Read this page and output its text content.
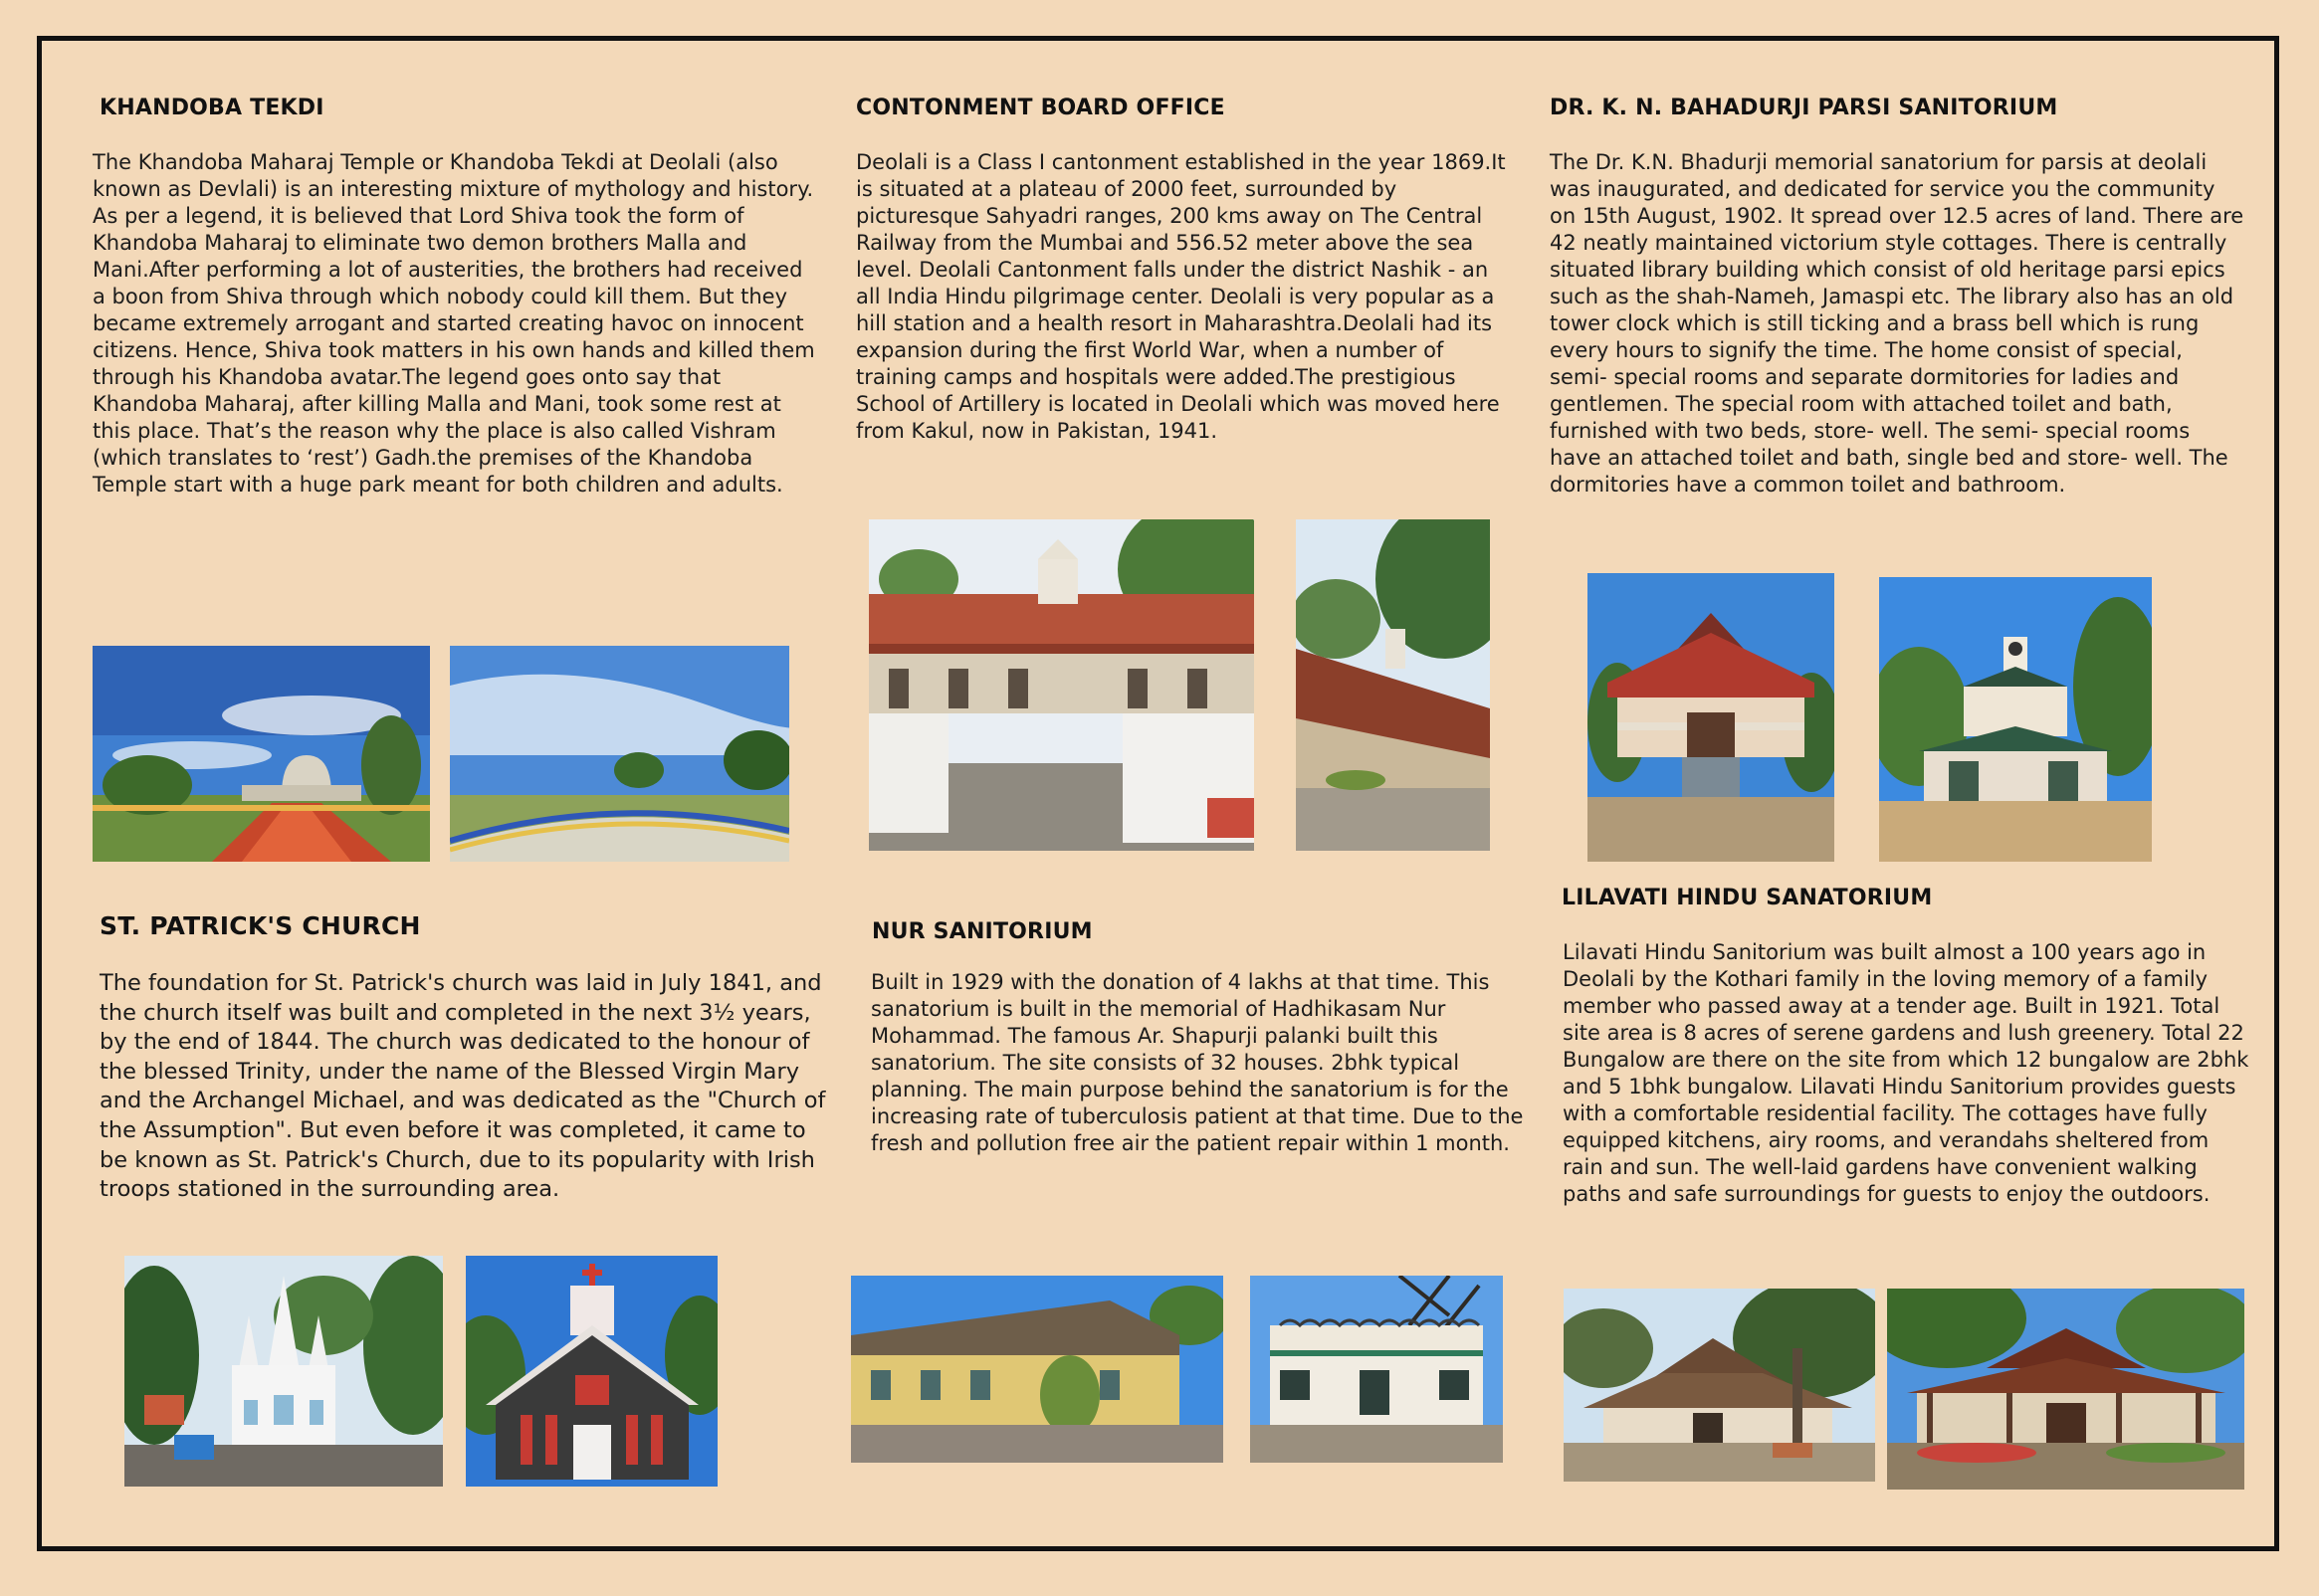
KHANDOBA TEKDI

The Khandoba Maharaj Temple or Khandoba Tekdi at Deolali (also known as Devlali) is an interesting mixture of mythology and history. As per a legend, it is believed that Lord Shiva took the form of Khandoba Maharaj to eliminate two demon brothers Malla and Mani.After performing a lot of austerities, the brothers had received a boon from Shiva through which nobody could kill them. But they became extremely arrogant and started creating havoc on innocent citizens. Hence, Shiva took matters in his own hands and killed them through his Khandoba avatar.The legend goes onto say that Khandoba Maharaj, after killing Malla and Mani, took some rest at this place. That’s the reason why the place is also called Vishram (which translates to ‘rest’) Gadh.the premises of the Khandoba Temple start with a huge park meant for both children and adults.

CONTONMENT BOARD OFFICE

Deolali is a Class I cantonment established in the year 1869.It is situated at a plateau of 2000 feet, surrounded by picturesque Sahyadri ranges, 200 kms away on The Central Railway from the Mumbai and 556.52 meter above the sea level. Deolali Cantonment falls under the district Nashik - an all India Hindu pilgrimage center. Deolali is very popular as a hill station and a health resort in Maharashtra.Deolali had its expansion during the first World War, when a number of training camps and hospitals were added.The prestigious School of Artillery is located in Deolali which was moved here from Kakul, now in Pakistan, 1941.

DR. K. N. BAHADURJI PARSI SANITORIUM

The Dr. K.N. Bhadurji memorial sanatorium for parsis at deolali was inaugurated, and dedicated for service you the community on 15th August, 1902. It spread over 12.5 acres of land. There are 42 neatly maintained victorium style cottages. There is centrally situated library building which consist of old heritage parsi epics such as the shah-Nameh, Jamaspi etc. The library also has an old tower clock which is still ticking and a brass bell which is rung every hours to signify the time. The home consist of special, semi- special rooms and separate dormitories for ladies and gentlemen. The special room with attached toilet and bath, furnished with two beds, store- well. The semi- special rooms have an attached toilet and bath, single bed and store- well. The dormitories have a common toilet and bathroom.

ST. PATRICK'S CHURCH

The foundation for St. Patrick's church was laid in July 1841, and the church itself was built and completed in the next 3½ years, by the end of 1844. The church was dedicated to the honour of the blessed Trinity, under the name of the Blessed Virgin Mary and the Archangel Michael, and was dedicated as the "Church of the Assumption". But even before it was completed, it came to be known as St. Patrick's Church, due to its popularity with Irish troops stationed in the surrounding area.

NUR SANITORIUM

Built in 1929 with the donation of 4 lakhs at that time. This sanatorium is built in the memorial of Hadhikasam Nur Mohammad. The famous Ar. Shapurji palanki built this sanatorium. The site consists of 32 houses. 2bhk typical planning. The main purpose behind the sanatorium is for the increasing rate of tuberculosis patient at that time. Due to the fresh and pollution free air the patient repair within 1 month.

LILAVATI HINDU SANATORIUM

Lilavati Hindu Sanitorium was built almost a 100 years ago in Deolali by the Kothari family in the loving memory of a family member who passed away at a tender age. Built in 1921. Total site area is 8 acres of serene gardens and lush greenery. Total 22 Bungalow are there on the site from which 12 bungalow are 2bhk and 5 1bhk bungalow. Lilavati Hindu Sanitorium provides guests with a comfortable residential facility. The cottages have fully equipped kitchens, airy rooms, and verandahs sheltered from rain and sun. The well-laid gardens have convenient walking paths and safe surroundings for guests to enjoy the outdoors.
